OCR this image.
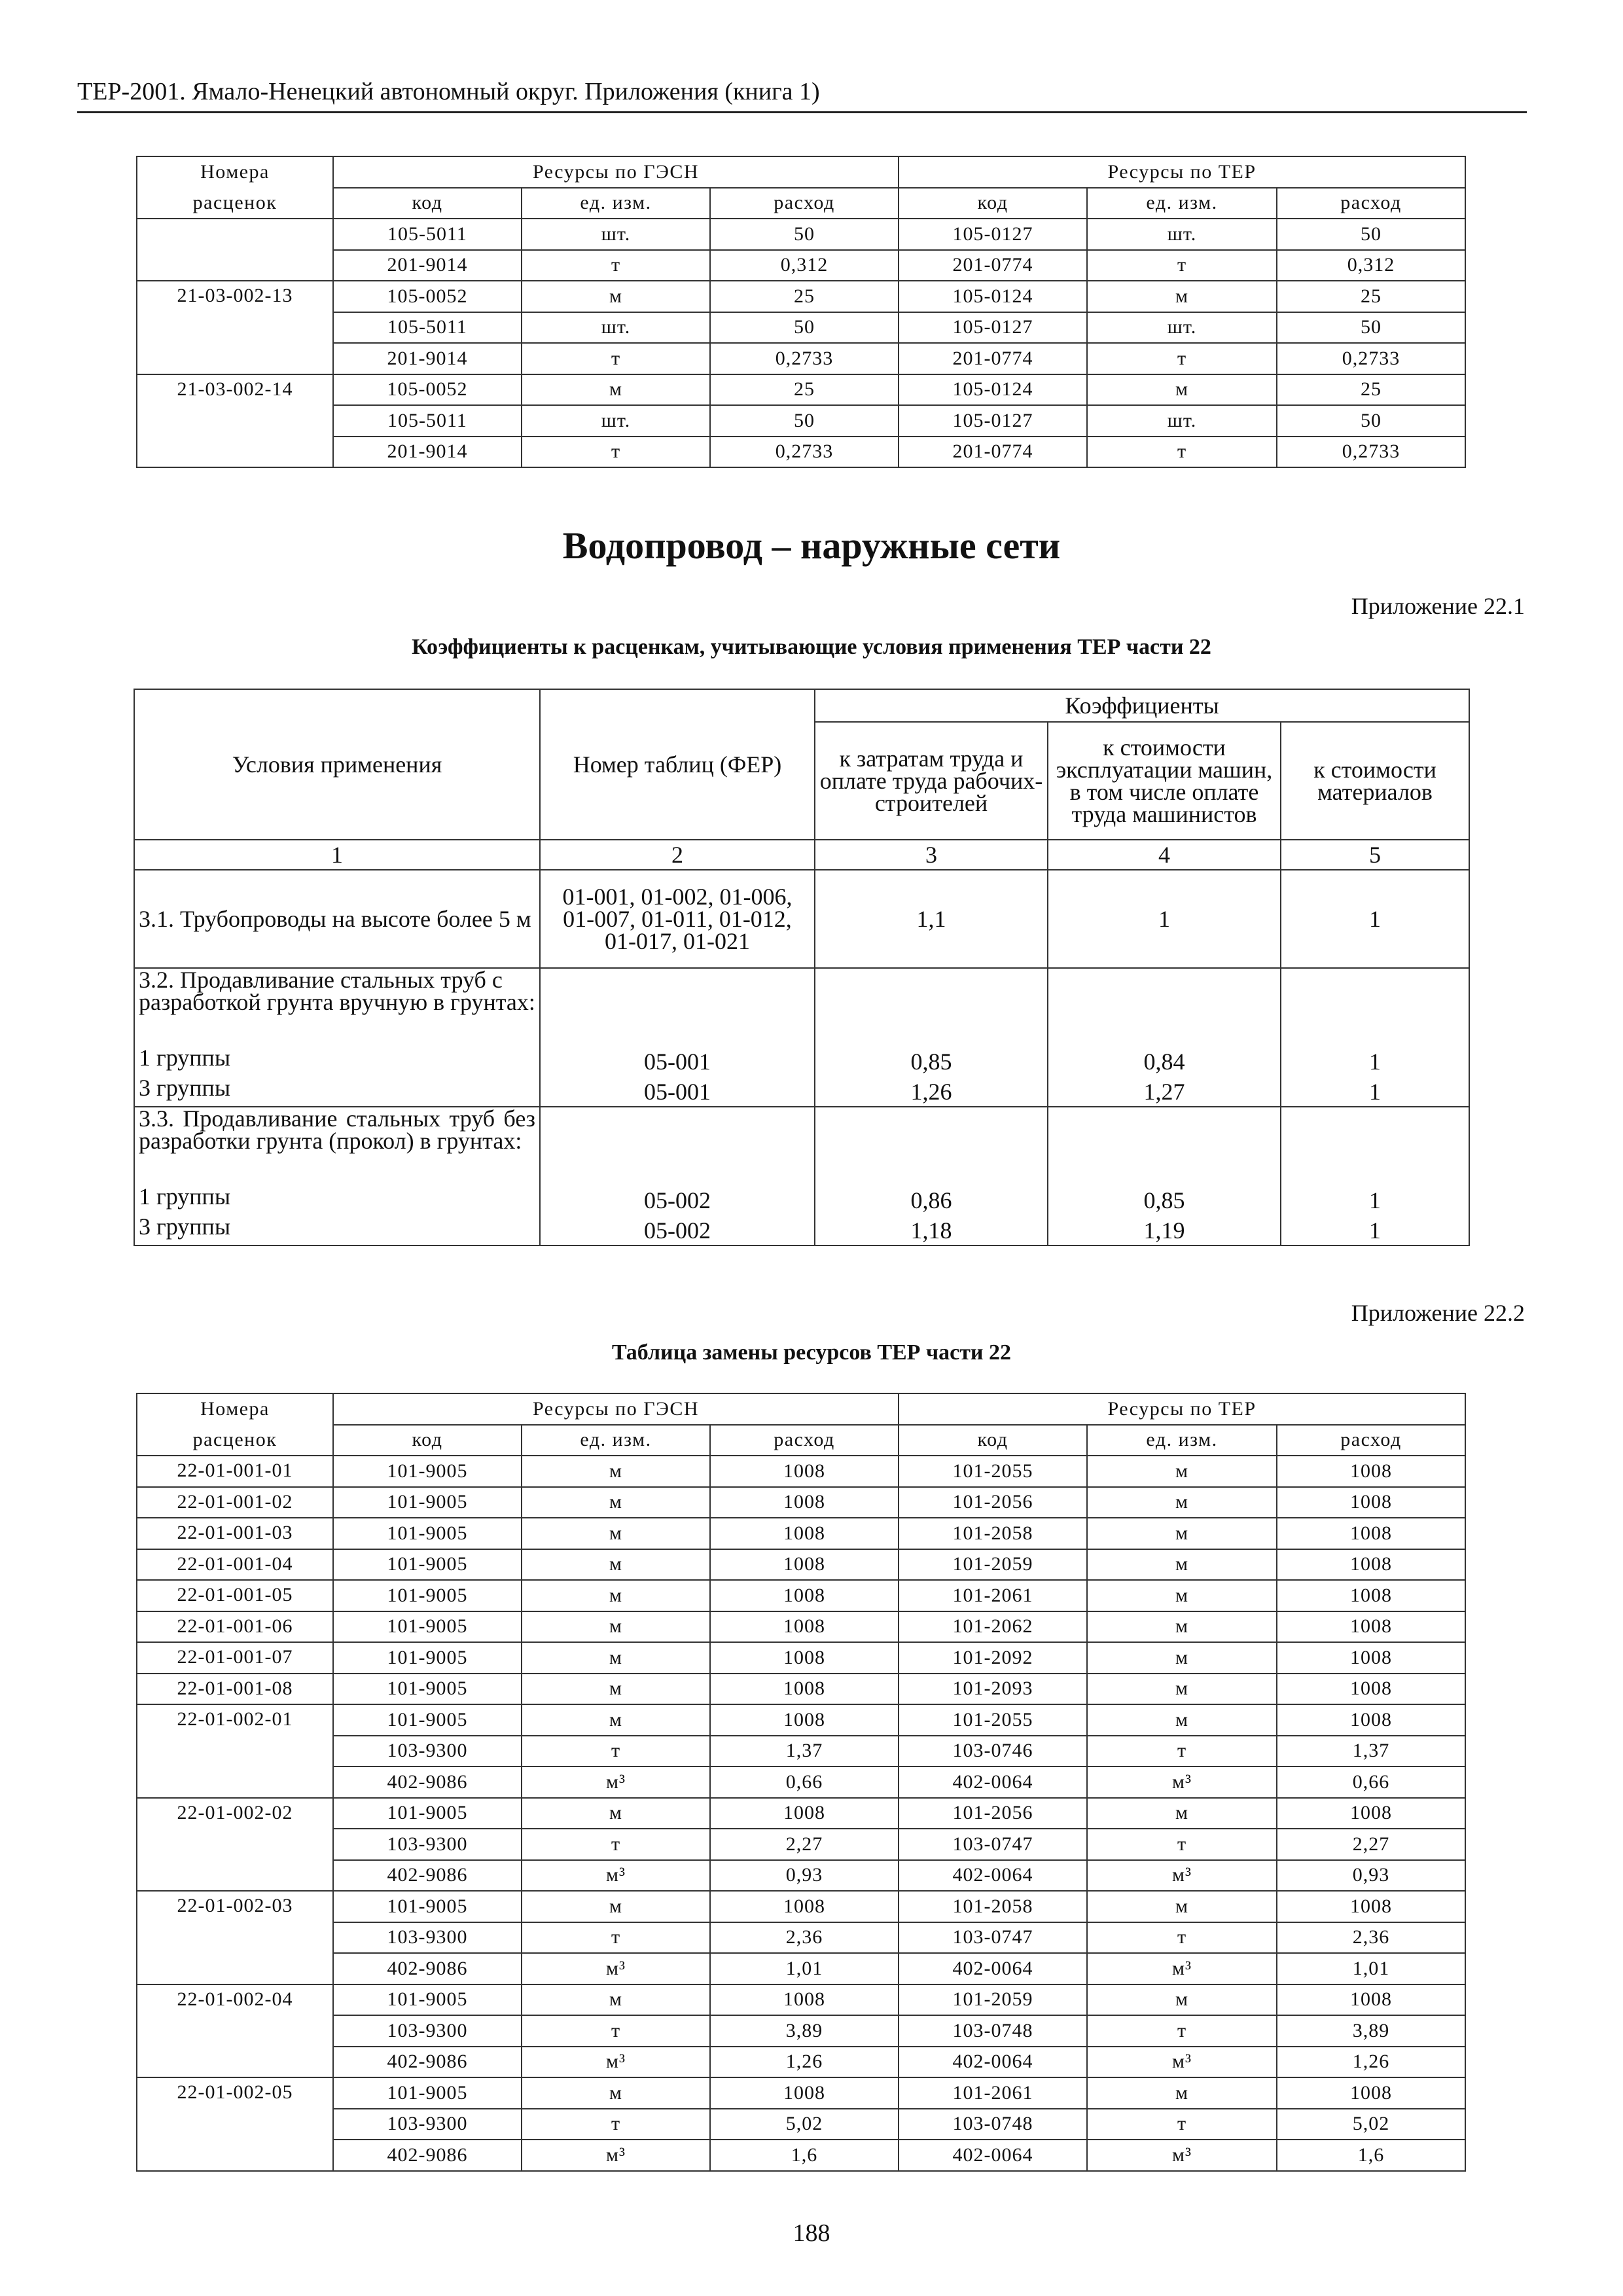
ТЕР-2001. Ямало-Ненецкий автономный округ. Приложения (книга 1)
Номера	Ресурсы по ГЭСН			Ресурсы по ТЕР		
расценок	код	ед. изм.	расход	код	ед. изм.	расход
	105-5011	шт.	50	105-0127	шт.	50
	201-9014	т	0,312	201-0774	т	0,312
21-03-002-13	105-0052	м	25	105-0124	м	25
	105-5011	шт.	50	105-0127	шт.	50
	201-9014	т	0,2733	201-0774	т	0,2733
21-03-002-14	105-0052	м	25	105-0124	м	25
	105-5011	шт.	50	105-0127	шт.	50
	201-9014	т	0,2733	201-0774	т	0,2733
Водопровод – наружные сети
Приложение 22.1
Коэффициенты к расценкам, учитывающие условия применения ТЕР части 22
Условия применения	Номер таблиц (ФЕР)	Коэффициенты		
		к затратам труда и оплате труда рабочих-строителей	к стоимости эксплуатации машин, в том числе оплате труда машинистов	к стоимости материалов
1	2	3	4	5
3.1. Трубопроводы на высоте более 5 м	01-001, 01-002, 01-006, 01-007, 01-011, 01-012, 01-017, 01-021	1,1	1	1
3.2. Продавливание стальных труб с разработкой грунта вручную в грунтах:				
1 группы	05-001	0,85	0,84	1
3 группы	05-001	1,26	1,27	1
3.3. Продавливание стальных труб без разработки грунта (прокол) в грунтах:				
1 группы	05-002	0,86	0,85	1
3 группы	05-002	1,18	1,19	1
Приложение 22.2
Таблица замены ресурсов ТЕР части 22
Номера	Ресурсы по ГЭСН			Ресурсы по ТЕР		
расценок	код	ед. изм.	расход	код	ед. изм.	расход
22-01-001-01	101-9005	м	1008	101-2055	м	1008
22-01-001-02	101-9005	м	1008	101-2056	м	1008
22-01-001-03	101-9005	м	1008	101-2058	м	1008
22-01-001-04	101-9005	м	1008	101-2059	м	1008
22-01-001-05	101-9005	м	1008	101-2061	м	1008
22-01-001-06	101-9005	м	1008	101-2062	м	1008
22-01-001-07	101-9005	м	1008	101-2092	м	1008
22-01-001-08	101-9005	м	1008	101-2093	м	1008
22-01-002-01	101-9005	м	1008	101-2055	м	1008
	103-9300	т	1,37	103-0746	т	1,37
	402-9086	м³	0,66	402-0064	м³	0,66
22-01-002-02	101-9005	м	1008	101-2056	м	1008
	103-9300	т	2,27	103-0747	т	2,27
	402-9086	м³	0,93	402-0064	м³	0,93
22-01-002-03	101-9005	м	1008	101-2058	м	1008
	103-9300	т	2,36	103-0747	т	2,36
	402-9086	м³	1,01	402-0064	м³	1,01
22-01-002-04	101-9005	м	1008	101-2059	м	1008
	103-9300	т	3,89	103-0748	т	3,89
	402-9086	м³	1,26	402-0064	м³	1,26
22-01-002-05	101-9005	м	1008	101-2061	м	1008
	103-9300	т	5,02	103-0748	т	5,02
	402-9086	м³	1,6	402-0064	м³	1,6
188
